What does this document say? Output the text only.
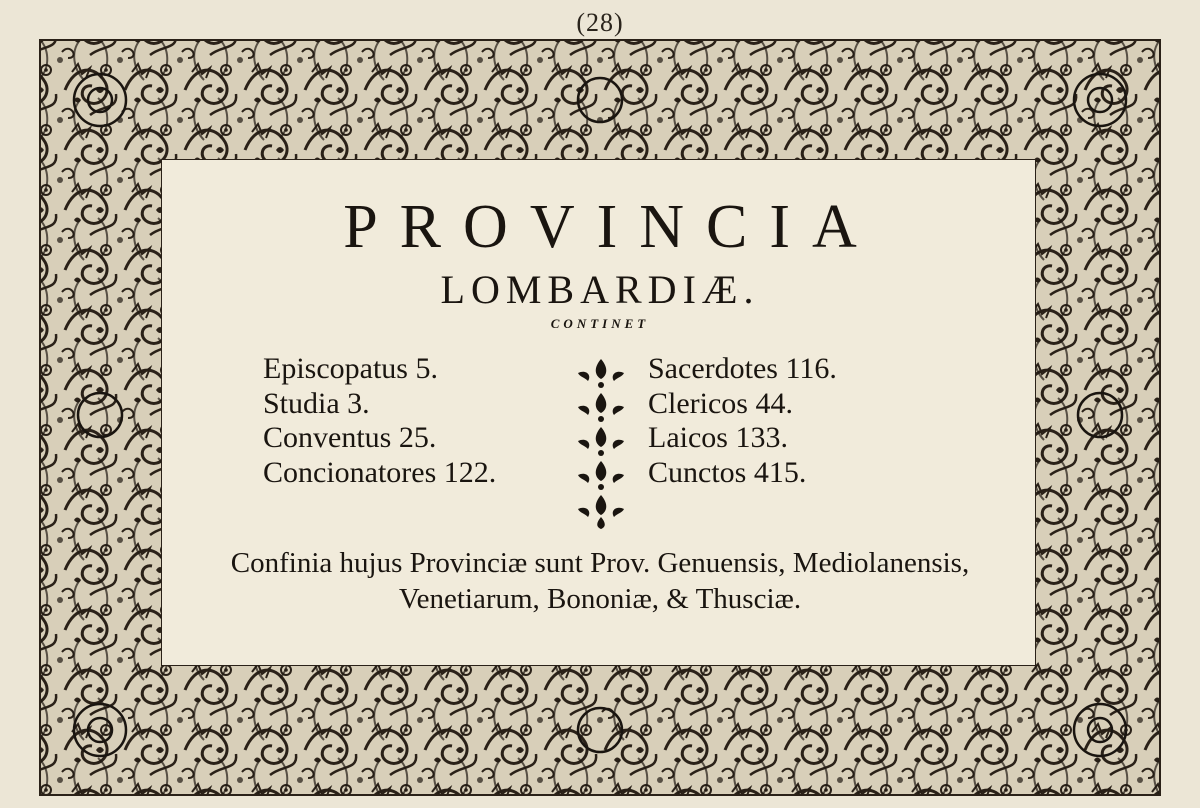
(28)
PROVINCIA
LOMBARDIÆ.
CONTINET
Episcopatus 5.
Studia 3.
Conventus 25.
Concionatores 122.
Sacerdotes 116.
Clericos 44.
Laicos 133.
Cunctos 415.
Confinia hujus Provinciæ sunt Prov. Genuensis, Mediolanensis,
Venetiarum, Bononiæ, & Thusciæ.
